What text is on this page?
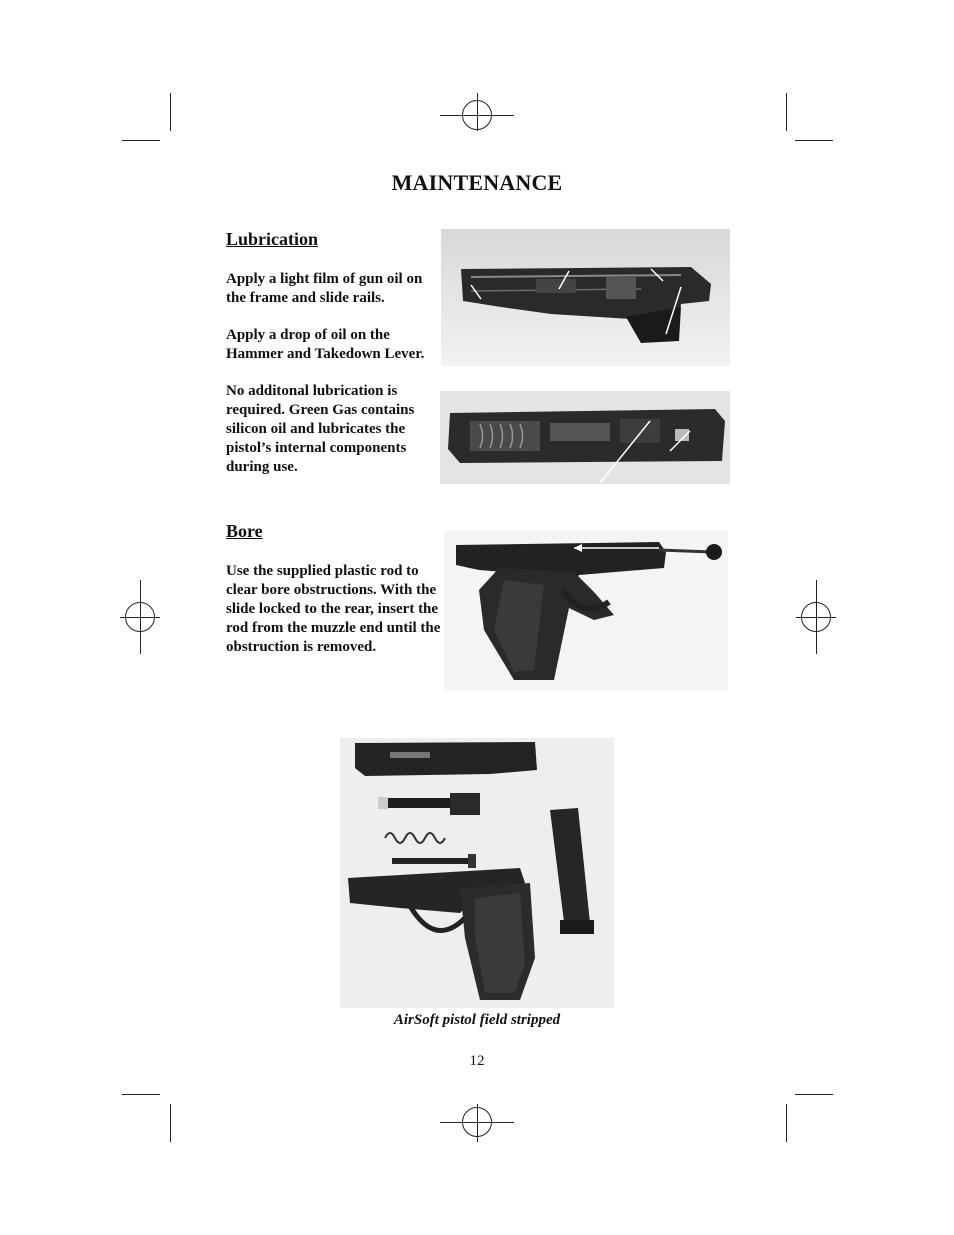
MAINTENANCE
Lubrication
Apply a light film of gun oil on the frame and slide rails.
Apply a drop of oil on the Hammer and Takedown Lever.
No additonal lubrication is required. Green Gas contains silicon oil and lubricates the pistol’s internal components during use.
Bore
Use the supplied plastic rod to clear bore obstructions. With the slide locked to the rear, insert the rod from the muzzle end until the obstruction is removed.
AirSoft pistol field stripped
12
